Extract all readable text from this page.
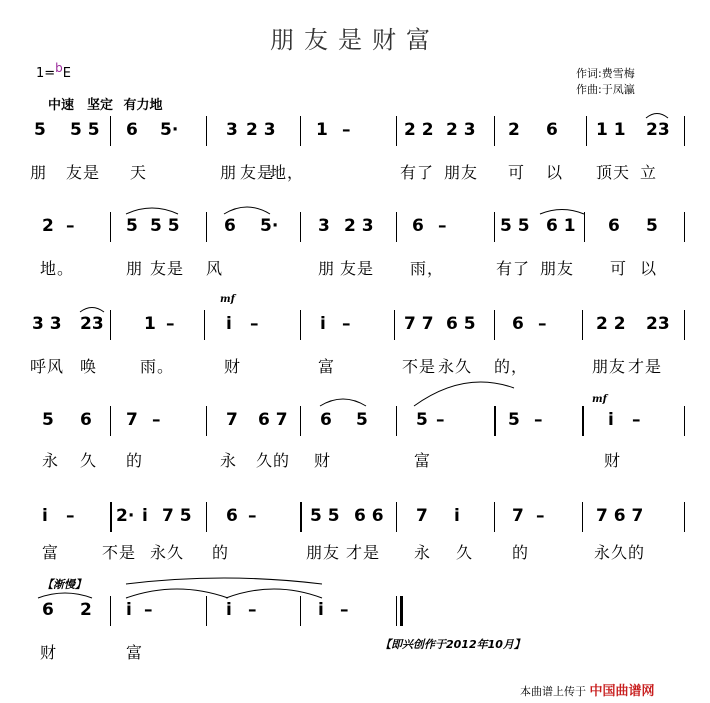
朋友是财富
1=bE
中速　坚定 有力地
作词:费雪梅
作曲:于凤瀛
5 5 5 6 5·	3 2 3 1 –	2 2 2 3 2 6 1 1 23
朋 友是 天	朋 友是
地，	有了 朋友 可 以 顶天 立
2 –	5 5 5	6 5· 3 2 3 6 –	5 5 6 1 6 5
地。	朋 友是 风	朋 友是 雨，	有了 朋友 可 以
3 3 23 1 –	i –	i –	7 7 6 5 6 –	2 2 23
呼风 唤	雨。	财	富	不是 永久 的，	朋友 才是
5 6 7 –	7 6 7 6 5	5 –	5 –	i –
永 久 的	永 久的 财	富	财
i – 2· i 7 5 6 –	5 5 6 6 7 i	7 –	7 6 7
富	不是 永久 的	朋友 才是 永 久 的	永久的
6 2 i –	i –	i –
财	富
mf
mf
【渐慢】
【即兴创作于2012年10月】
本曲谱上传于 中国曲谱网
